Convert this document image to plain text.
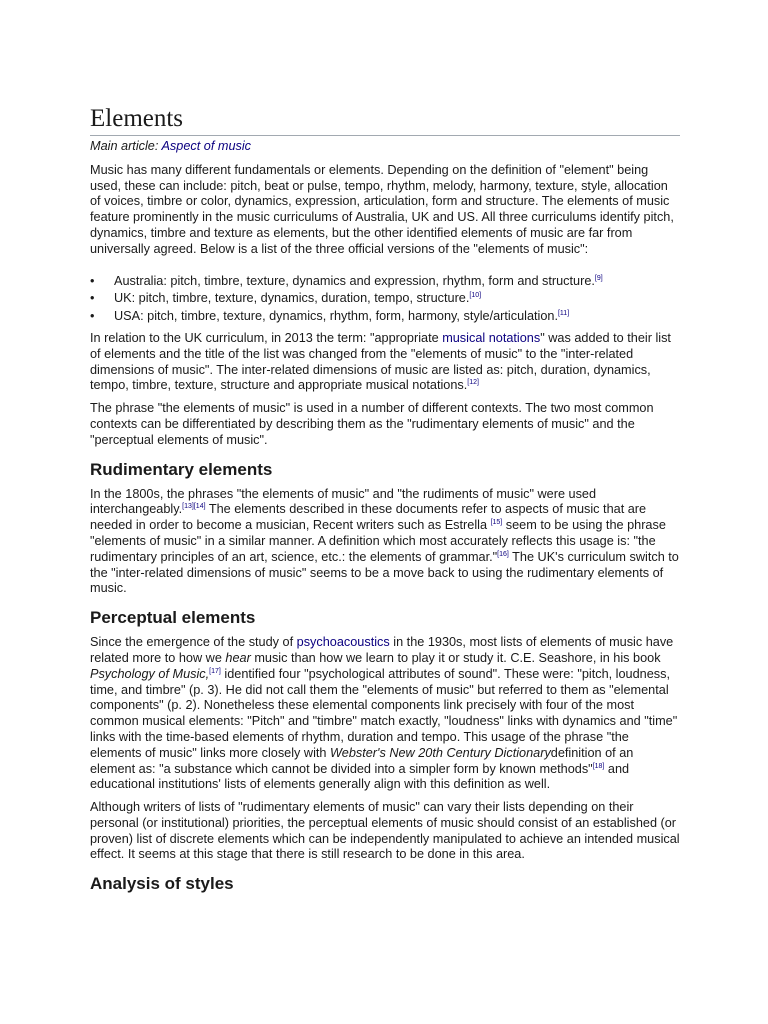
Elements
Main article: Aspect of music

Music has many different fundamentals or elements. Depending on the definition of "element" being used, these can include: pitch, beat or pulse, tempo, rhythm, melody, harmony, texture, style, allocation of voices, timbre or color, dynamics, expression, articulation, form and structure. The elements of music feature prominently in the music curriculums of Australia, UK and US. All three curriculums identify pitch, dynamics, timbre and texture as elements, but the other identified elements of music are far from universally agreed. Below is a list of the three official versions of the "elements of music":

• Australia: pitch, timbre, texture, dynamics and expression, rhythm, form and structure.[9]
• UK: pitch, timbre, texture, dynamics, duration, tempo, structure.[10]
• USA: pitch, timbre, texture, dynamics, rhythm, form, harmony, style/articulation.[11]

In relation to the UK curriculum, in 2013 the term: "appropriate musical notations" was added to their list of elements and the title of the list was changed from the "elements of music" to the "inter-related dimensions of music". The inter-related dimensions of music are listed as: pitch, duration, dynamics, tempo, timbre, texture, structure and appropriate musical notations.[12]

The phrase "the elements of music" is used in a number of different contexts. The two most common contexts can be differentiated by describing them as the "rudimentary elements of music" and the "perceptual elements of music".

Rudimentary elements

In the 1800s, the phrases "the elements of music" and "the rudiments of music" were used interchangeably.[13][14] The elements described in these documents refer to aspects of music that are needed in order to become a musician, Recent writers such as Estrella [15] seem to be using the phrase "elements of music" in a similar manner. A definition which most accurately reflects this usage is: "the rudimentary principles of an art, science, etc.: the elements of grammar."[16] The UK's curriculum switch to the "inter-related dimensions of music" seems to be a move back to using the rudimentary elements of music.

Perceptual elements

Since the emergence of the study of psychoacoustics in the 1930s, most lists of elements of music have related more to how we hear music than how we learn to play it or study it. C.E. Seashore, in his book Psychology of Music,[17] identified four "psychological attributes of sound". These were: "pitch, loudness, time, and timbre" (p. 3). He did not call them the "elements of music" but referred to them as "elemental components" (p. 2). Nonetheless these elemental components link precisely with four of the most common musical elements: "Pitch" and "timbre" match exactly, "loudness" links with dynamics and "time" links with the time-based elements of rhythm, duration and tempo. This usage of the phrase "the elements of music" links more closely with Webster's New 20th Century Dictionarydefinition of an element as: "a substance which cannot be divided into a simpler form by known methods"[18] and educational institutions' lists of elements generally align with this definition as well.

Although writers of lists of "rudimentary elements of music" can vary their lists depending on their personal (or institutional) priorities, the perceptual elements of music should consist of an established (or proven) list of discrete elements which can be independently manipulated to achieve an intended musical effect. It seems at this stage that there is still research to be done in this area.

Analysis of styles
